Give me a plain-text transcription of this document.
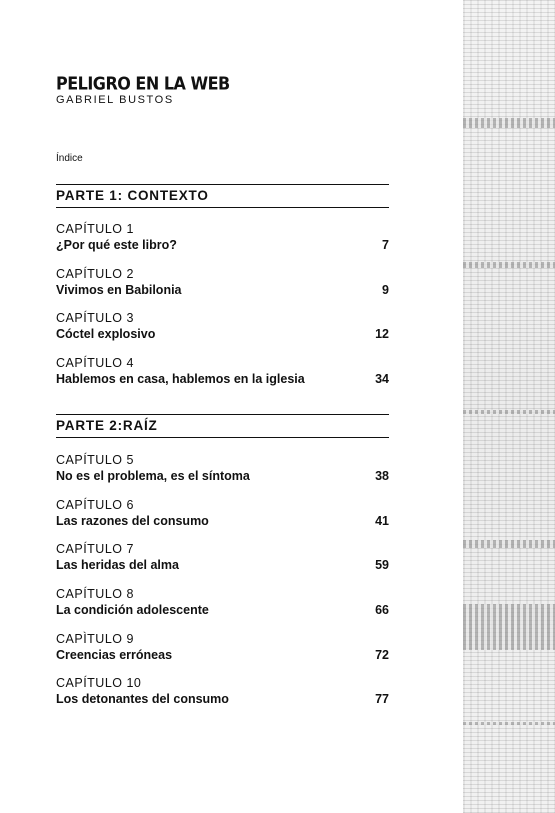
PELIGRO EN LA WEB
GABRIEL BUSTOS
Índice
PARTE 1: CONTEXTO
CAPÍTULO 1
¿Por qué este libro?	7
CAPÍTULO 2
Vivimos en Babilonia	9
CAPÍTULO 3
Cóctel explosivo	12
CAPÍTULO 4
Hablemos en casa, hablemos en la iglesia	34
PARTE 2:RAÍZ
CAPÍTULO 5
No es el problema, es el síntoma	38
CAPÍTULO 6
Las razones del consumo	41
CAPÍTULO 7
Las heridas del alma	59
CAPÍTULO 8
La condición adolescente	66
CAPÌTULO 9
Creencias erróneas	72
CAPÍTULO 10
Los detonantes del consumo	77
